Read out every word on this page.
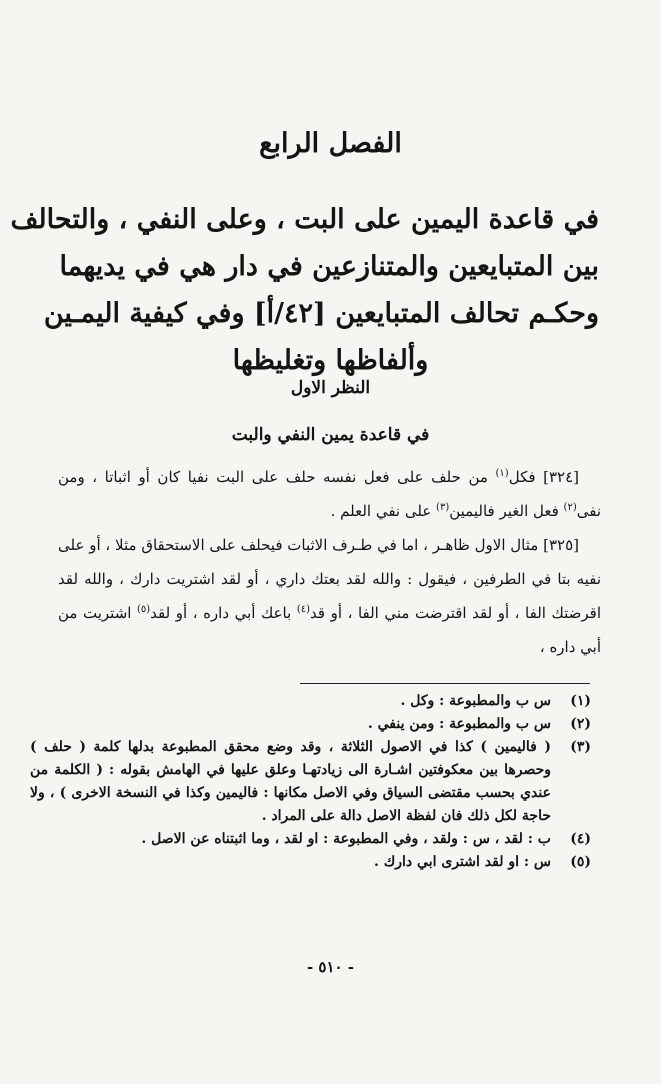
الفصل الرابع
في قاعدة اليمين على البت ، وعلى النفي ، والتحالف
بين المتبايعين والمتنازعين في دار هي في يديهما
وحكـم تحالف المتبايعين [٤٢/أ] وفي كيفية اليمـين
وألفاظها وتغليظها
النظر الاول
في قاعدة يمين النفي والبت

[٣٢٤] فكل$^{(١)}$ من حلف على فعل نفسه حلف على البت نفيا كان أو اثباتا ، ومن نفى$^{(٢)}$ فعل الغير فاليمين$^{(٣)}$ على نفي العلم .

[٣٢٥] مثال الاول ظاهـر ، اما في طـرف الاثبات فيحلف على الاستحقاق مثلا ، أو على نفيه بتا في الطرفين ، فيقول : والله لقد بعتك داري ، أو لقد اشتريت دارك ، والله لقد اقرضتك الفا ، أو لقد اقترضت مني الفا ، أو قد$^{(٤)}$ باعك أبي داره ، أو لقد$^{(٥)}$ اشتريت من أبي داره ،

(١)
س ب والمطبوعة : وكل .
(٢)
س ب والمطبوعة : ومن ينفي .
(٣)
( فاليمين ) كذا في الاصول الثلاثة ، وقد وضع محقق المطبوعة بدلها كلمة ( حلف ) وحصرها بين معكوفتين اشـارة الى زيادتهـا وعلق عليها في الهامش بقوله : ( الكلمة من عندي بحسب مقتضى السياق وفي الاصل مكانها : فاليمين وكذا في النسخة الاخرى ) ، ولا حاجة لكل ذلك فان لفظة الاصل دالة على المراد .
(٤)
ب : لقد ، س : ولقد ، وفي المطبوعة : او لقد ، وما اثبتناه عن الاصل .
(٥)
س : او لقد اشترى ابي دارك .
- ٥١٠ -
